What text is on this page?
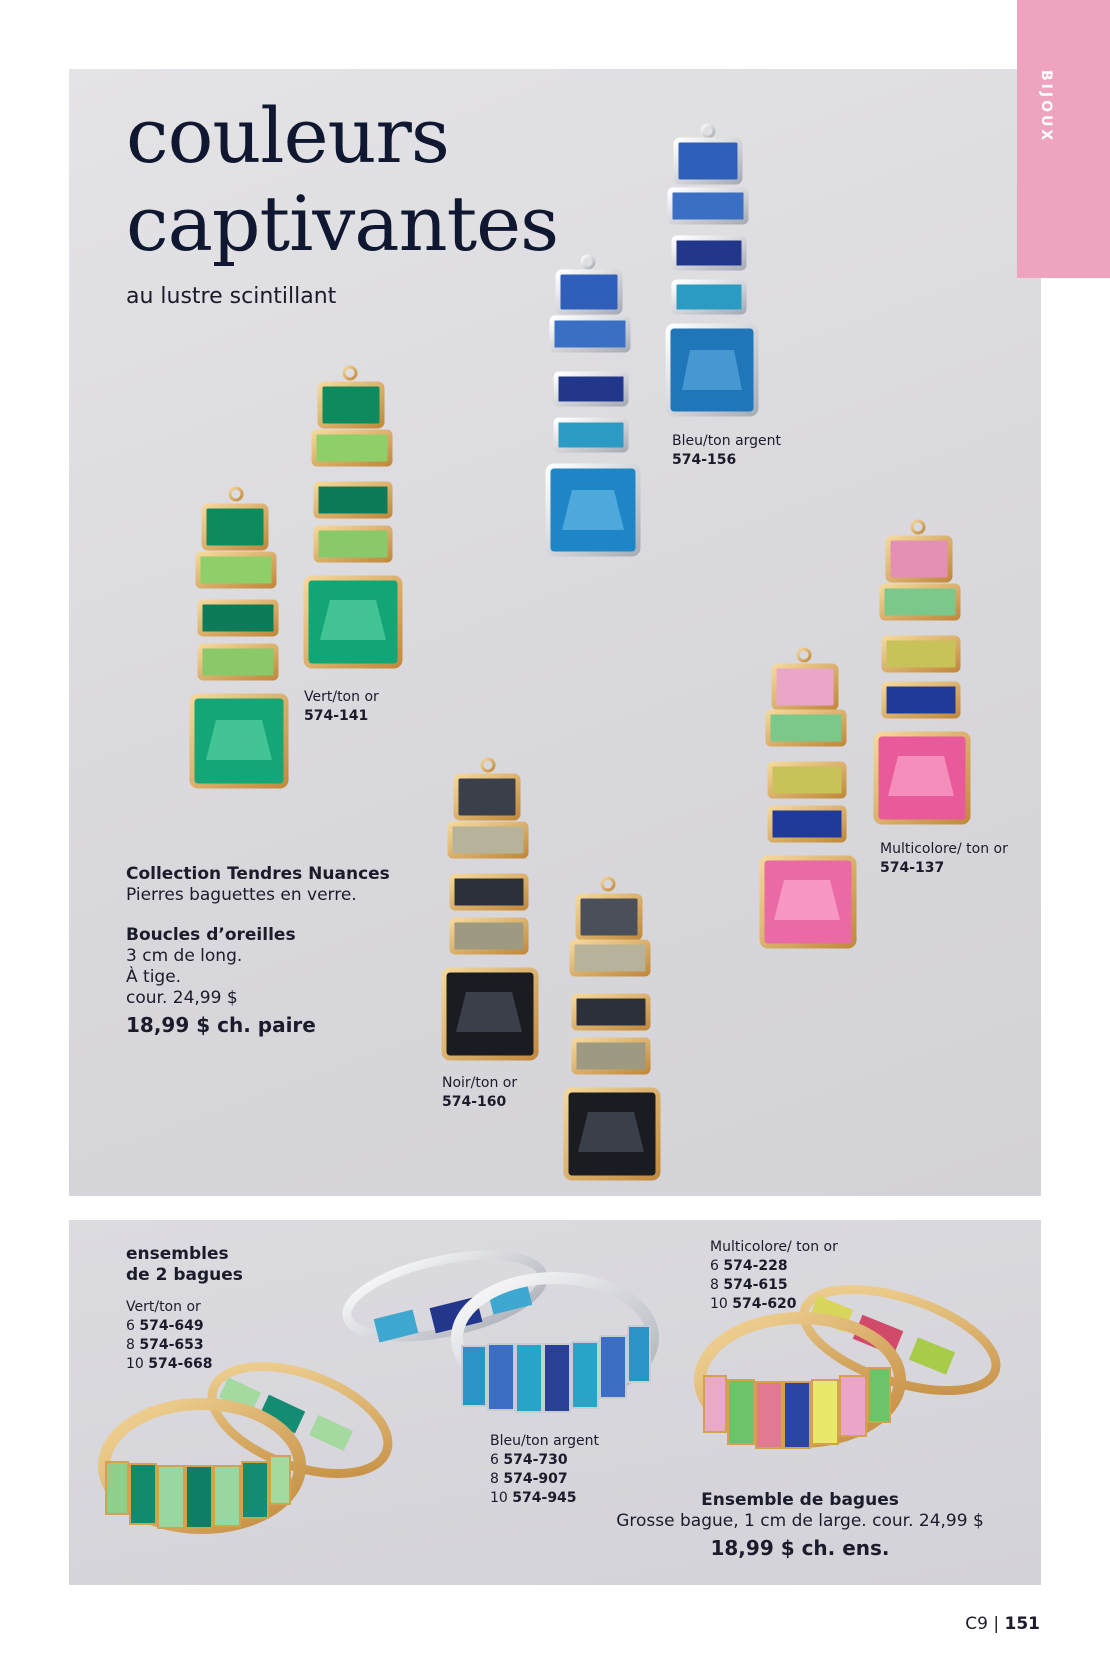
BIJOUX
couleurs
captivantes
au lustre scintillant
Bleu/ton argent
574-156
Vert/ton or
574-141
Multicolore/ ton or
574-137
Noir/ton or
574-160
Collection Tendres Nuances
Pierres baguettes en verre.
Boucles d’oreilles
3 cm de long.
À tige.
cour. 24,99 $
18,99 $ ch. paire
ensembles
de 2 bagues
Vert/ton or
6 574-649
8 574-653
10 574-668
Bleu/ton argent
6 574-730
8 574-907
10 574-945
Multicolore/ ton or
6 574-228
8 574-615
10 574-620
Ensemble de bagues
Grosse bague, 1 cm de large. cour. 24,99 $
18,99 $ ch. ens.
C9 | 151
